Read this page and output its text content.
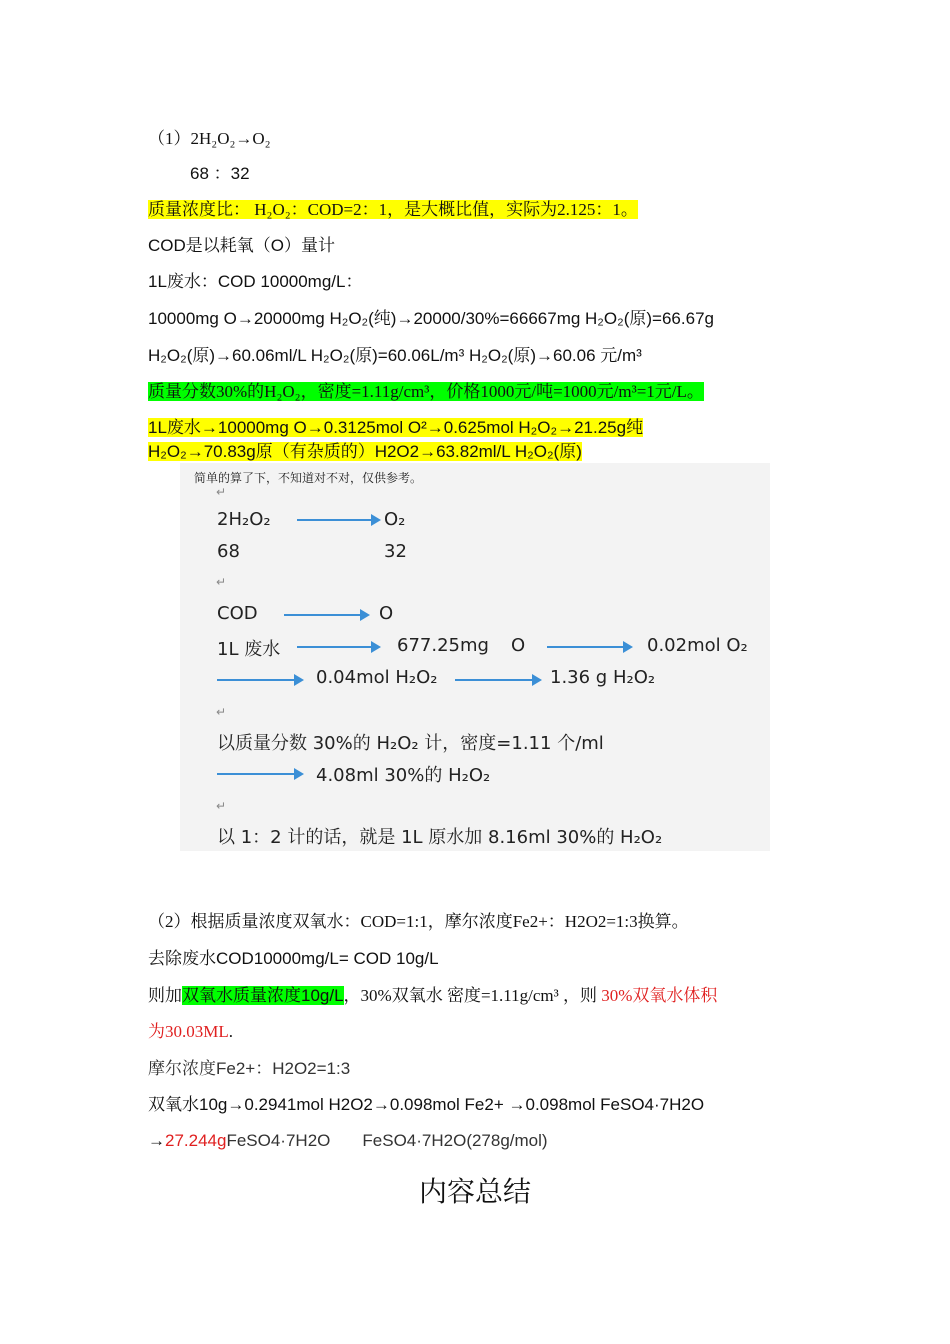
（1）2H₂O₂→O₂
68 ：32
质量浓度比： H₂O₂：COD=2：1，是大概比值，实际为2.125：1。
COD是以耗氧（O）量计
1L废水：COD 10000mg/L：
10000mg O→20000mg H₂O₂(纯)→20000/30%=66667mg H₂O₂(原)=66.67g
H₂O₂(原)→60.06ml/L H₂O₂(原)=60.06L/m³ H₂O₂(原)→60.06 元/m³
质量分数30%的H₂O₂，密度=1.11g/cm³，价格1000元/吨=1000元/m³=1元/L。
1L废水→10000mg O→0.3125mol O²→0.625mol H₂O₂→21.25g纯
H₂O₂→70.83g原（有杂质的）H2O2→63.82ml/L H₂O₂(原)
简单的算了下，不知道对不对，仅供参考。
↵
2H₂O₂	O₂
68	32
↵
COD	O
1L 废水	677.25mg O	0.02mol O₂
0.04mol H₂O₂	1.36 g H₂O₂
↵
以质量分数 30%的 H₂O₂ 计，密度=1.11 个/ml
4.08ml 30%的 H₂O₂
↵
以 1：2 计的话，就是 1L 原水加 8.16ml 30%的 H₂O₂
（2）根据质量浓度双氧水：COD=1:1，摩尔浓度Fe2+：H2O2=1:3换算。
去除废水COD10000mg/L= COD 10g/L
则加双氧水质量浓度10g/L，30%双氧水 密度=1.11g/cm³ ，则 30%双氧水体积
为30.03ML.
摩尔浓度Fe2+：H2O2=1:3
双氧水10g→0.2941mol H2O2→0.098mol Fe2+ →0.098mol FeSO4·7H2O
→27.244gFeSO4·7H2O FeSO4·7H2O(278g/mol)
内容总结
